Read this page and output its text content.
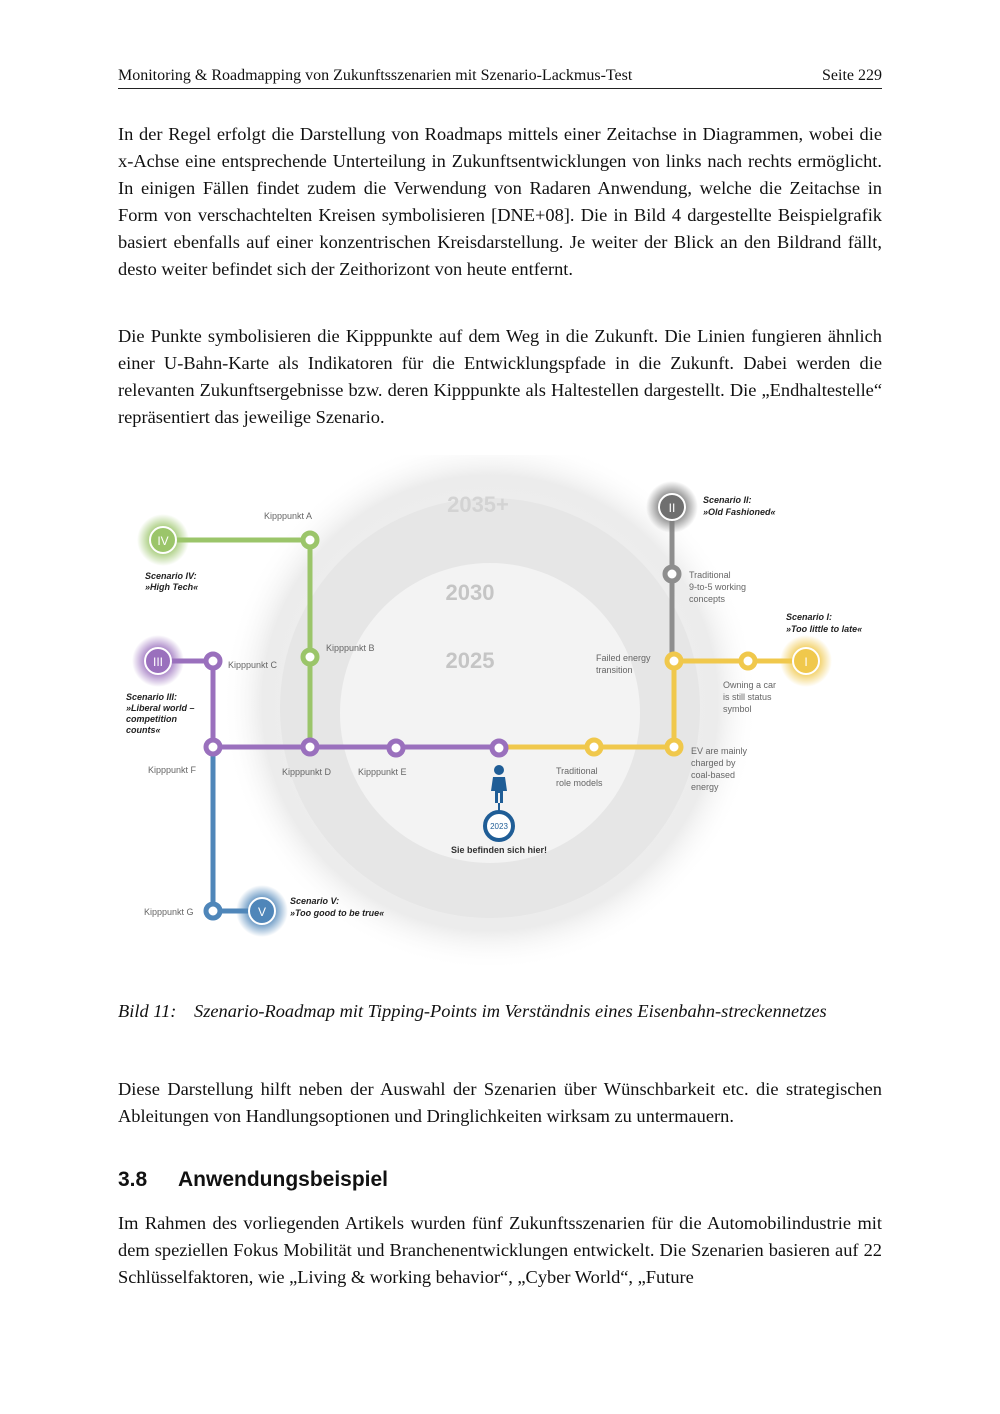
Monitoring & Roadmapping von Zukunftsszenarien mit Szenario-Lackmus-Test	Seite 229

In der Regel erfolgt die Darstellung von Roadmaps mittels einer Zeitachse in Diagrammen, wobei die x-Achse eine entsprechende Unterteilung in Zukunftsentwicklungen von links nach rechts ermöglicht. In einigen Fällen findet zudem die Verwendung von Radaren Anwendung, welche die Zeitachse in Form von verschachtelten Kreisen symbolisieren [DNE+08]. Die in Bild 4 dargestellte Beispielgrafik basiert ebenfalls auf einer konzentrischen Kreisdarstellung. Je weiter der Blick an den Bildrand fällt, desto weiter befindet sich der Zeithorizont von heute entfernt.

Die Punkte symbolisieren die Kipppunkte auf dem Weg in die Zukunft. Die Linien fungieren ähnlich einer U-Bahn-Karte als Indikatoren für die Entwicklungspfade in die Zukunft. Dabei werden die relevanten Zukunftsergebnisse bzw. deren Kipppunkte als Haltestellen dargestellt. Die „Endhaltestelle“ repräsentiert das jeweilige Szenario.

2035+
2030
2025
IV
III
V
II
I
Kipppunkt A
Kipppunkt B
Kipppunkt C
Kipppunkt F	Kipppunkt D	Kipppunkt E
Kipppunkt G
Traditional
role models
Traditional
9-to-5 working
concepts
Failed energy
transition
Owning a car
is still status
symbol
EV are mainly
charged by
coal-based
energy
Scenario IV:
»High Tech«
Scenario III:
»Liberal world –
competition
counts«
Scenario V:
»Too good to be true«
Scenario II:
»Old Fashioned«
Scenario I:
»Too little to late«
2023
Sie befinden sich hier!
Bild 11: Szenario-Roadmap mit Tipping-Points im Verständnis eines Eisenbahn-streckennetzes

Diese Darstellung hilft neben der Auswahl der Szenarien über Wünschbarkeit etc. die strategischen Ableitungen von Handlungsoptionen und Dringlichkeiten wirksam zu untermauern.

3.8 Anwendungsbeispiel

Im Rahmen des vorliegenden Artikels wurden fünf Zukunftsszenarien für die Automobilindustrie mit dem speziellen Fokus Mobilität und Branchenentwicklungen entwickelt. Die Szenarien basieren auf 22 Schlüsselfaktoren, wie „Living & working behavior“, „Cyber World“, „Future
